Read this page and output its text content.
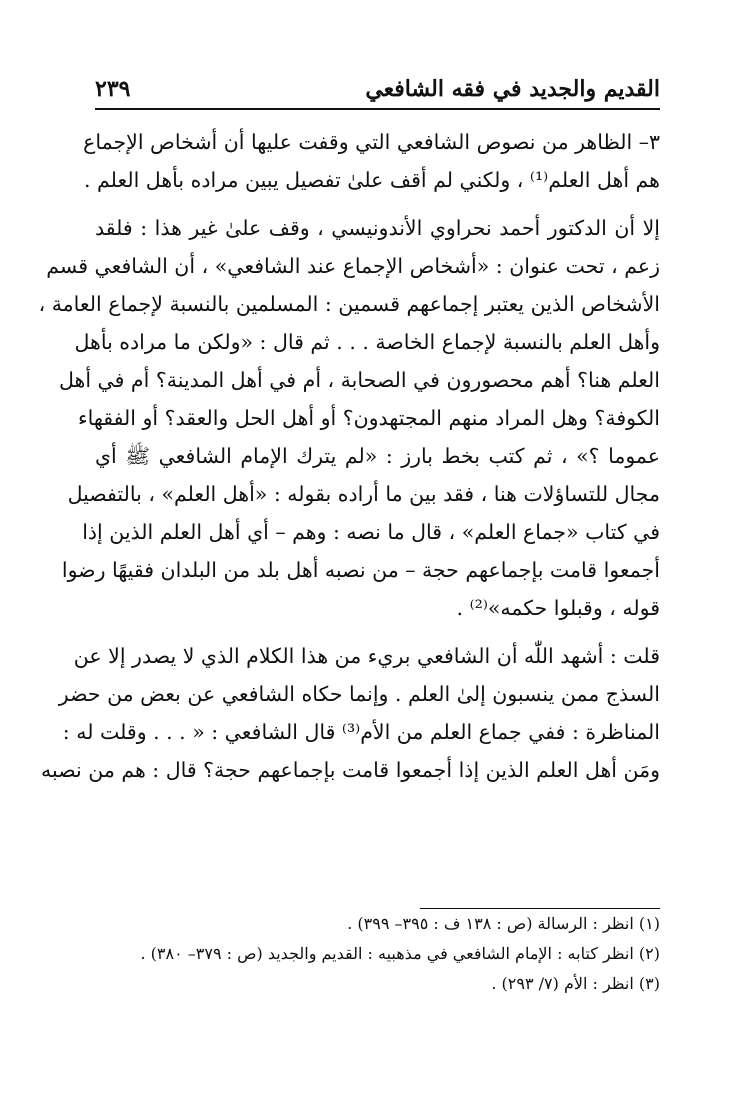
القديم والجديد في فقه الشافعي
٢٣٩
٣– الظاهر من نصوص الشافعي التي وقفت عليها أن أشخاص الإجماع
هم أهل العلم⁽¹⁾ ، ولكني لم أقف علىٰ تفصيل يبين مراده بأهل العلم .
إلا أن الدكتور أحمد نحراوي الأندونيسي ، وقف علىٰ غير هذا : فلقد
زعم ، تحت عنوان : «أشخاص الإجماع عند الشافعي» ، أن الشافعي قسم
الأشخاص الذين يعتبر إجماعهم قسمين : المسلمين بالنسبة لإجماع العامة ،
وأهل العلم بالنسبة لإجماع الخاصة . . . ثم قال : «ولكن ما مراده بأهل
العلم هنا؟ أهم محصورون في الصحابة ، أم في أهل المدينة؟ أم في أهل
الكوفة؟ وهل المراد منهم المجتهدون؟ أو أهل الحل والعقد؟ أو الفقهاء
عموما ؟» ، ثم كتب بخط بارز : «لم يترك الإمام الشافعي ﷺ أي
مجال للتساؤلات هنا ، فقد بين ما أراده بقوله : «أهل العلم» ، بالتفصيل
في كتاب «جماع العلم» ، قال ما نصه : وهم – أي أهل العلم الذين إذا
أجمعوا قامت بإجماعهم حجة – من نصبه أهل بلد من البلدان فقيهًا رضوا
قوله ، وقبلوا حكمه»⁽²⁾ .
قلت : أشهد اللّٰه أن الشافعي بريء من هذا الكلام الذي لا يصدر إلا عن
السذج ممن ينسبون إلىٰ العلم . وإنما حكاه الشافعي عن بعض من حضر
المناظرة : ففي جماع العلم من الأم⁽³⁾ قال الشافعي : « . . . وقلت له :
ومَن أهل العلم الذين إذا أجمعوا قامت بإجماعهم حجة؟ قال : هم من نصبه
(١) انظر : الرسالة (ص : ١٣٨ ف : ٣٩٥– ٣٩٩) .
(٢) انظر كتابه : الإمام الشافعي في مذهبيه : القديم والجديد (ص : ٣٧٩– ٣٨٠) .
(٣) انظر : الأم (٧/ ٢٩٣) .
